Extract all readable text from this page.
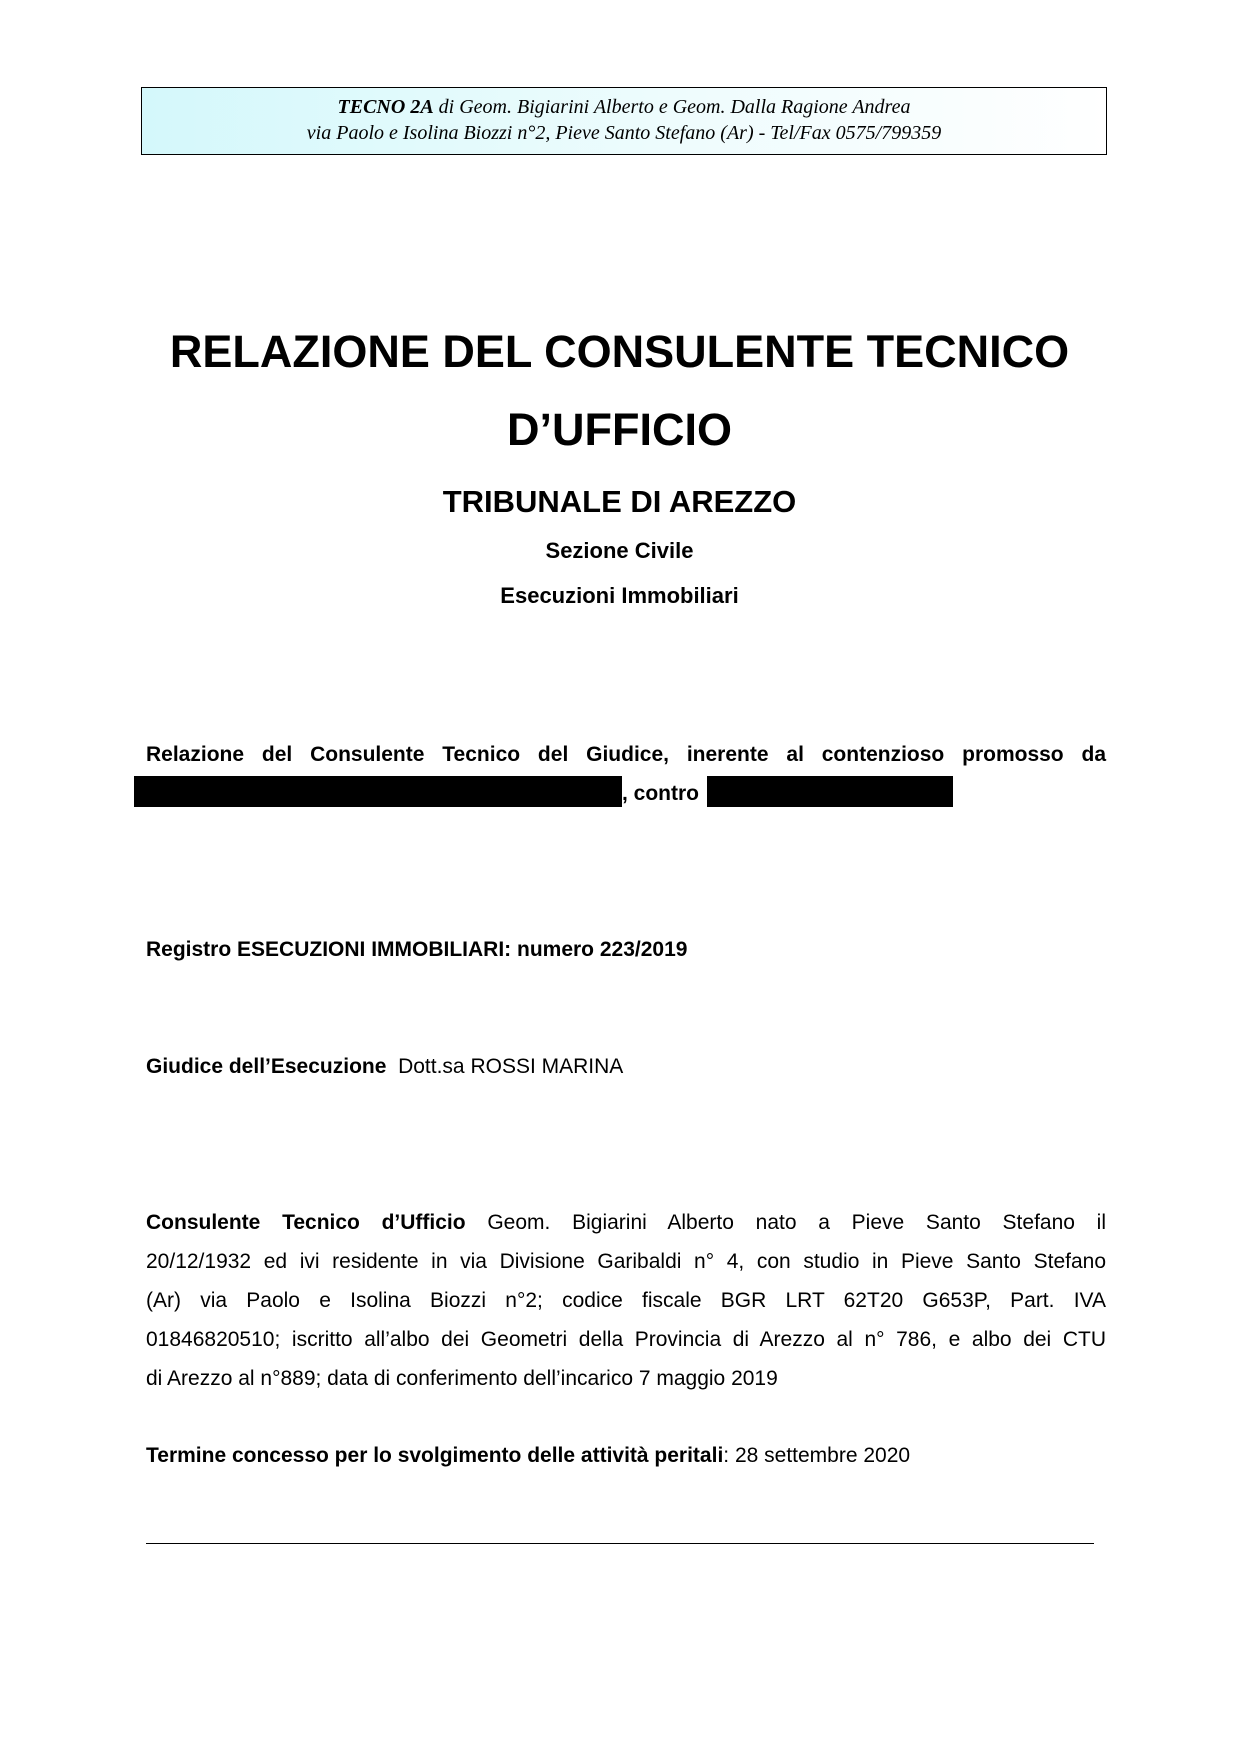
TECNO 2A di Geom. Bigiarini Alberto e Geom. Dalla Ragione Andrea
via Paolo e Isolina Biozzi n°2, Pieve Santo Stefano (Ar) - Tel/Fax 0575/799359
RELAZIONE DEL CONSULENTE TECNICO
D’UFFICIO
TRIBUNALE DI AREZZO
Sezione Civile
Esecuzioni Immobiliari
Relazione del Consulente Tecnico del Giudice, inerente al contenzioso promosso da
, contro
Registro ESECUZIONI IMMOBILIARI: numero 223/2019
Giudice dell’Esecuzione Dott.sa ROSSI MARINA
Consulente Tecnico d’Ufficio Geom. Bigiarini Alberto nato a Pieve Santo Stefano il
20/12/1932 ed ivi residente in via Divisione Garibaldi n° 4, con studio in Pieve Santo Stefano
(Ar) via Paolo e Isolina Biozzi n°2; codice fiscale BGR LRT 62T20 G653P, Part. IVA
01846820510; iscritto all’albo dei Geometri della Provincia di Arezzo al n° 786, e albo dei CTU
di Arezzo al n°889; data di conferimento dell’incarico 7 maggio 2019
Termine concesso per lo svolgimento delle attività peritali: 28 settembre 2020
